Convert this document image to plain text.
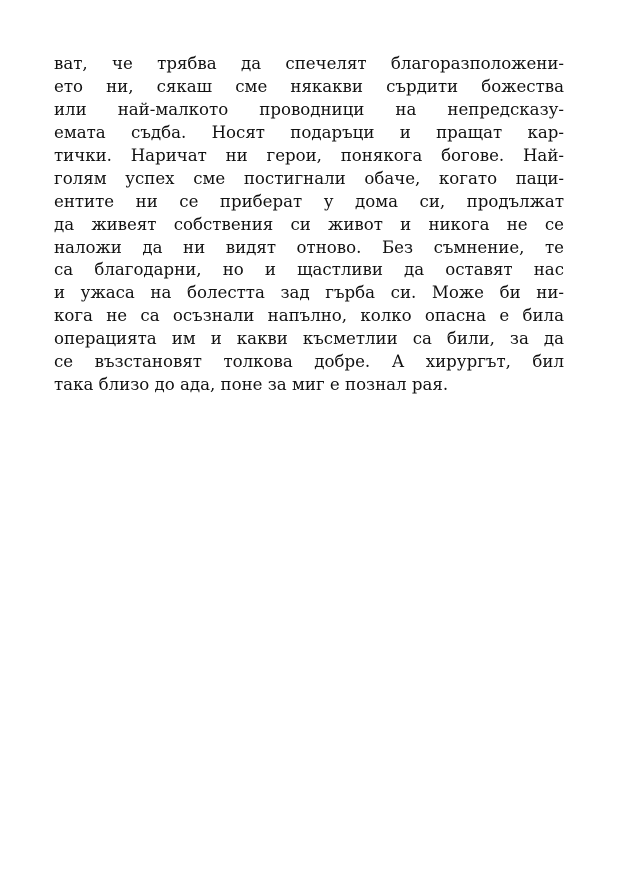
ват, че трябва да спечелят благоразположени-
ето ни, сякаш сме някакви сърдити божества
или най-малкото проводници на непредсказу-
емата съдба. Носят подаръци и пращат кар-
тички. Наричат ни герои, понякога богове. Най-
голям успех сме постигнали обаче, когато паци-
ентите ни се приберат у дома си, продължат
да живеят собствения си живот и никога не се
наложи да ни видят отново. Без съмнение, те
са благодарни, но и щастливи да оставят нас
и ужаса на болестта зад гърба си. Може би ни-
кога не са осъзнали напълно, колко опасна е била
операцията им и какви късметлии са били, за да
се възстановят толкова добре. А хирургът, бил
така близо до ада, поне за миг е познал рая.
